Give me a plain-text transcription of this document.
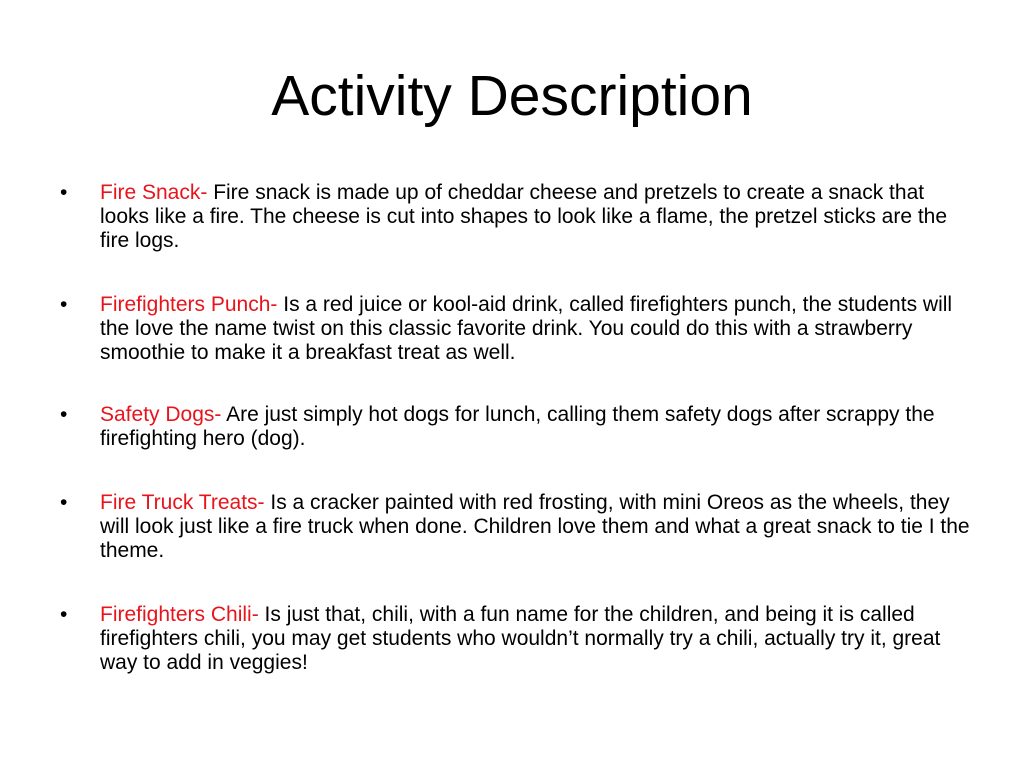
Activity Description
•	Fire Snack- Fire snack is made up of cheddar cheese and pretzels to create a snack that looks like a fire. The cheese is cut into shapes to look like a flame, the pretzel sticks are the fire logs.
•	Firefighters Punch- Is a red juice or kool-aid drink, called firefighters punch, the students will the love the name twist on this classic favorite drink. You could do this with a strawberry smoothie to make it a breakfast treat as well.
•	Safety Dogs- Are just simply hot dogs for lunch, calling them safety dogs after scrappy the firefighting hero (dog).
•	Fire Truck Treats- Is a cracker painted with red frosting, with mini Oreos as the wheels, they will look just like a fire truck when done. Children love them and what a great snack to tie I the theme.
•	Firefighters Chili- Is just that, chili, with a fun name for the children, and being it is called firefighters chili, you may get students who wouldn’t normally try a chili, actually try it, great way to add in veggies!
